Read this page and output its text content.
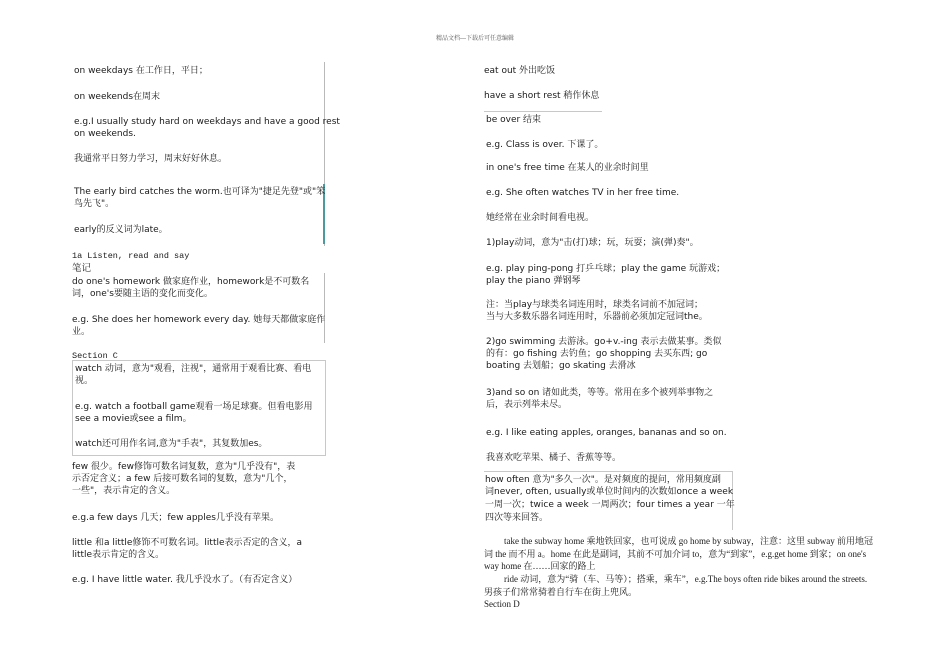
精品文档---下载后可任意编辑
on weekdays 在工作日，平日；
on weekends在周末
e.g.I usually study hard on weekdays and have a good rest
on weekends.
我通常平日努力学习，周末好好休息。
The early bird catches the worm.也可译为"捷足先登"或"笨
鸟先飞"。
early的反义词为late。
1a Listen, read and say
笔记
do one's homework 做家庭作业，homework是不可数名
词，one's要随主语的变化而变化。
e.g. She does her homework every day. 她每天都做家庭作
业。
Section C
watch 动词，意为"观看，注视"，通常用于观看比赛、看电
视。
e.g. watch a football game观看一场足球赛。但看电影用
see a movie或see a film。
watch还可用作名词,意为"手表"，其复数加es。
few 很少。few修饰可数名词复数，意为"几乎没有"，表
示否定含义；a few 后接可数名词的复数，意为"几个，
一些"，表示肯定的含义。
e.g.a few days 几天；few apples几乎没有苹果。
little 和a little修饰不可数名词。little表示否定的含义，a
little表示肯定的含义。
e.g. I have little water. 我几乎没水了。（有否定含义）
eat out 外出吃饭
have a short rest 稍作休息
be over 结束
e.g. Class is over. 下课了。
in one's free time 在某人的业余时间里
e.g. She often watches TV in her free time.
她经常在业余时间看电视。
1)play动词，意为"击(打)球；玩，玩耍；演(弹)奏"。
e.g. play ping-pong 打乒乓球；play the game 玩游戏；
play the piano 弹钢琴
注：当play与球类名词连用时，球类名词前不加冠词；
当与大多数乐器名词连用时，乐器前必须加定冠词the。
2)go swimming 去游泳。go+v.-ing 表示去做某事。类似
的有：go fishing 去钓鱼；go shopping 去买东西; go
boating 去划船；go skating 去滑冰
3)and so on 诸如此类，等等。常用在多个被列举事物之
后，表示列举未尽。
e.g. I like eating apples, oranges, bananas and so on.
我喜欢吃苹果、橘子、香蕉等等。
how often 意为"多久一次"。是对频度的提问，常用频度副
词never, often, usually或单位时间内的次数如once a week
一周一次；twice a week 一周两次；four times a year 一年
四次等来回答。
take the subway home 乘地铁回家，也可说成 go home by subway，注意：这里 subway 前用地冠词 the 而不用 a。home 在此是副词，其前不可加介词 to，意为“到家”，e.g.get home 到家；on one's way home 在……回家的路上
ride 动词，意为“骑（车、马等）；搭乘，乘车”，e.g.The boys often ride bikes around the streets. 男孩子们常常骑着自行车在街上兜风。
Section D
